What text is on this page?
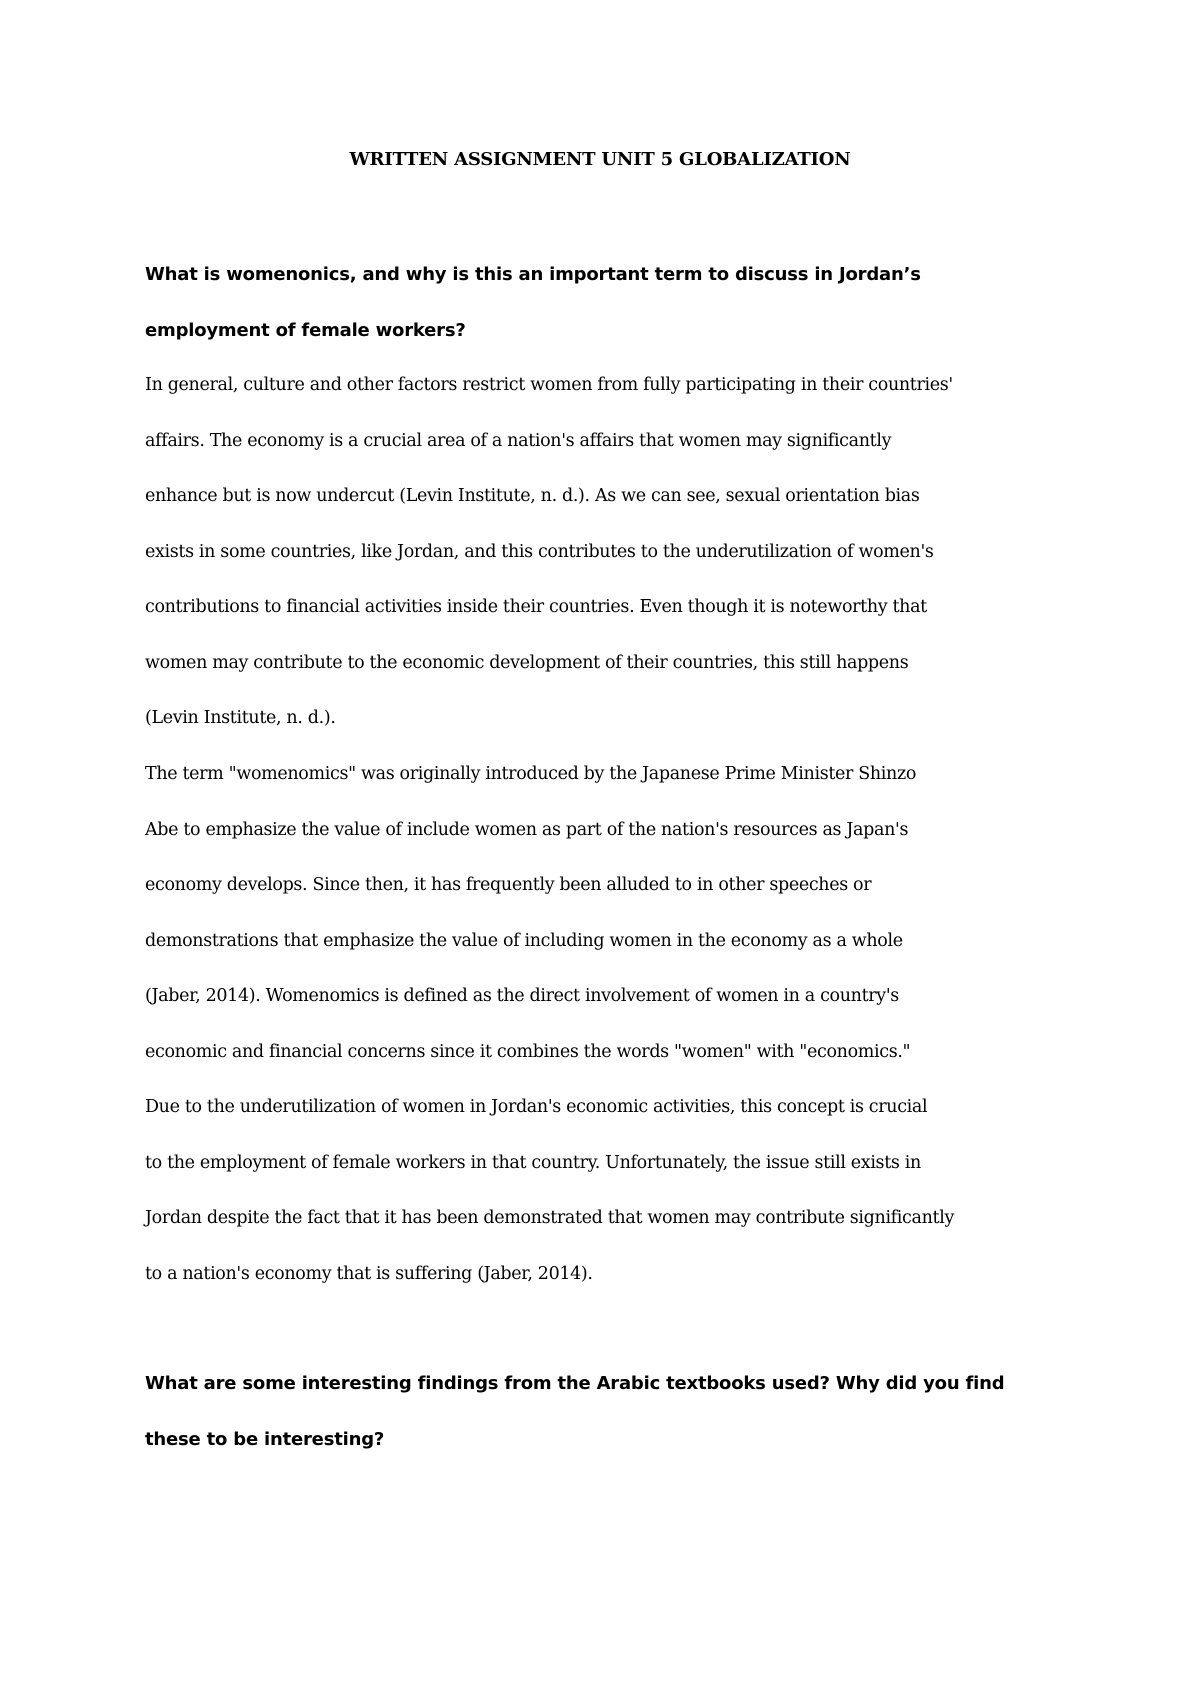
WRITTEN ASSIGNMENT UNIT 5 GLOBALIZATION
What is womenonics, and why is this an important term to discuss in Jordan’s
employment of female workers?
In general, culture and other factors restrict women from fully participating in their countries'
affairs. The economy is a crucial area of a nation's affairs that women may significantly
enhance but is now undercut (Levin Institute, n. d.). As we can see, sexual orientation bias
exists in some countries, like Jordan, and this contributes to the underutilization of women's
contributions to financial activities inside their countries. Even though it is noteworthy that
women may contribute to the economic development of their countries, this still happens
(Levin Institute, n. d.).
The term "womenomics" was originally introduced by the Japanese Prime Minister Shinzo
Abe to emphasize the value of include women as part of the nation's resources as Japan's
economy develops. Since then, it has frequently been alluded to in other speeches or
demonstrations that emphasize the value of including women in the economy as a whole
(Jaber, 2014). Womenomics is defined as the direct involvement of women in a country's
economic and financial concerns since it combines the words "women" with "economics."
Due to the underutilization of women in Jordan's economic activities, this concept is crucial
to the employment of female workers in that country. Unfortunately, the issue still exists in
Jordan despite the fact that it has been demonstrated that women may contribute significantly
to a nation's economy that is suffering (Jaber, 2014).
What are some interesting findings from the Arabic textbooks used? Why did you find
these to be interesting?
